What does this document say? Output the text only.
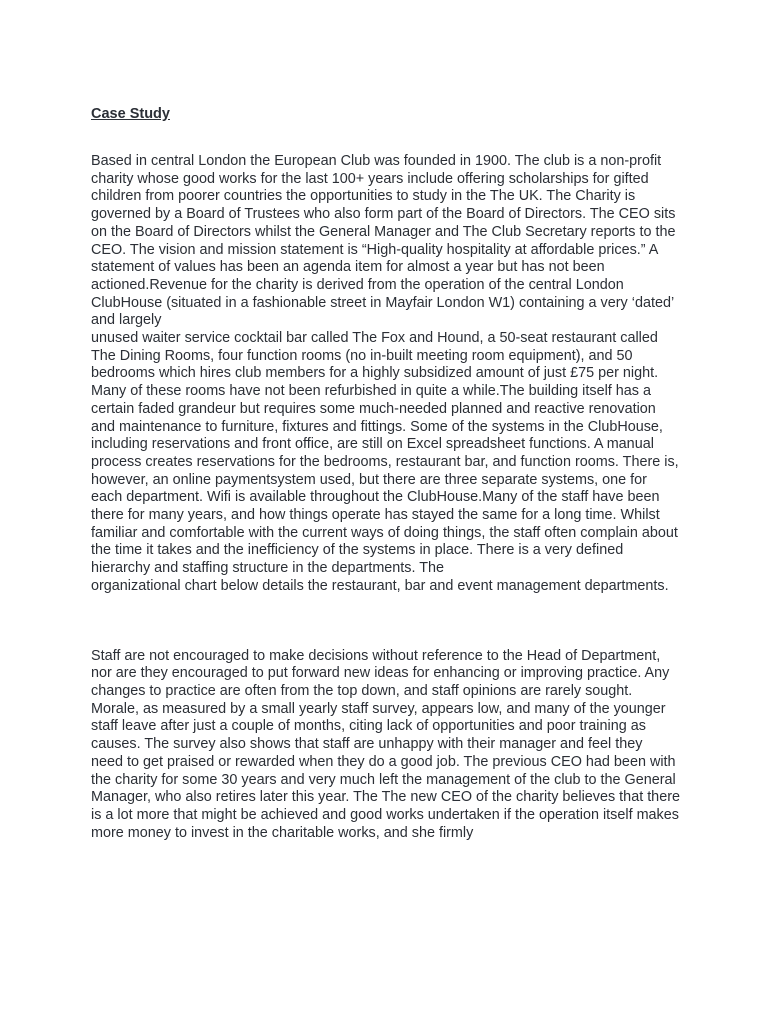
Case Study

Based in central London the European Club was founded in 1900. The club is a non-profit charity whose good works for the last 100+ years include offering scholarships for gifted children from poorer countries the opportunities to study in the The UK. The Charity is governed by a Board of Trustees who also form part of the Board of Directors. The CEO sits on the Board of Directors whilst the General Manager and The Club Secretary reports to the CEO. The vision and mission statement is “High-quality hospitality at affordable prices.” A statement of values has been an agenda item for almost a year but has not been actioned.Revenue for the charity is derived from the operation of the central London ClubHouse (situated in a fashionable street in Mayfair London W1) containing a very ‘dated’ and largely

unused waiter service cocktail bar called The Fox and Hound, a 50-seat restaurant called The Dining Rooms, four function rooms (no in-built meeting room equipment), and 50 bedrooms which hires club members for a highly subsidized amount of just £75 per night. Many of these rooms have not been refurbished in quite a while.The building itself has a certain faded grandeur but requires some much-needed planned and reactive renovation and maintenance to furniture, fixtures and fittings. Some of the systems in the ClubHouse, including reservations and front office, are still on Excel spreadsheet functions. A manual process creates reservations for the bedrooms, restaurant bar, and function rooms. There is, however, an online paymentsystem used, but there are three separate systems, one for each department. Wifi is available throughout the ClubHouse.Many of the staff have been there for many years, and how things operate has stayed the same for a long time. Whilst familiar and comfortable with the current ways of doing things, the staff often complain about the time it takes and the inefficiency of the systems in place. There is a very defined hierarchy and staffing structure in the departments. The

organizational chart below details the restaurant, bar and event management departments.

Staff are not encouraged to make decisions without reference to the Head of Department, nor are they encouraged to put forward new ideas for enhancing or improving practice. Any changes to practice are often from the top down, and staff opinions are rarely sought.

Morale, as measured by a small yearly staff survey, appears low, and many of the younger staff leave after just a couple of months, citing lack of opportunities and poor training as causes. The survey also shows that staff are unhappy with their manager and feel they

need to get praised or rewarded when they do a good job. The previous CEO had been with the charity for some 30 years and very much left the management of the club to the General Manager, who also retires later this year. The The new CEO of the charity believes that there is a lot more that might be achieved and good works undertaken if the operation itself makes more money to invest in the charitable works, and she firmly
